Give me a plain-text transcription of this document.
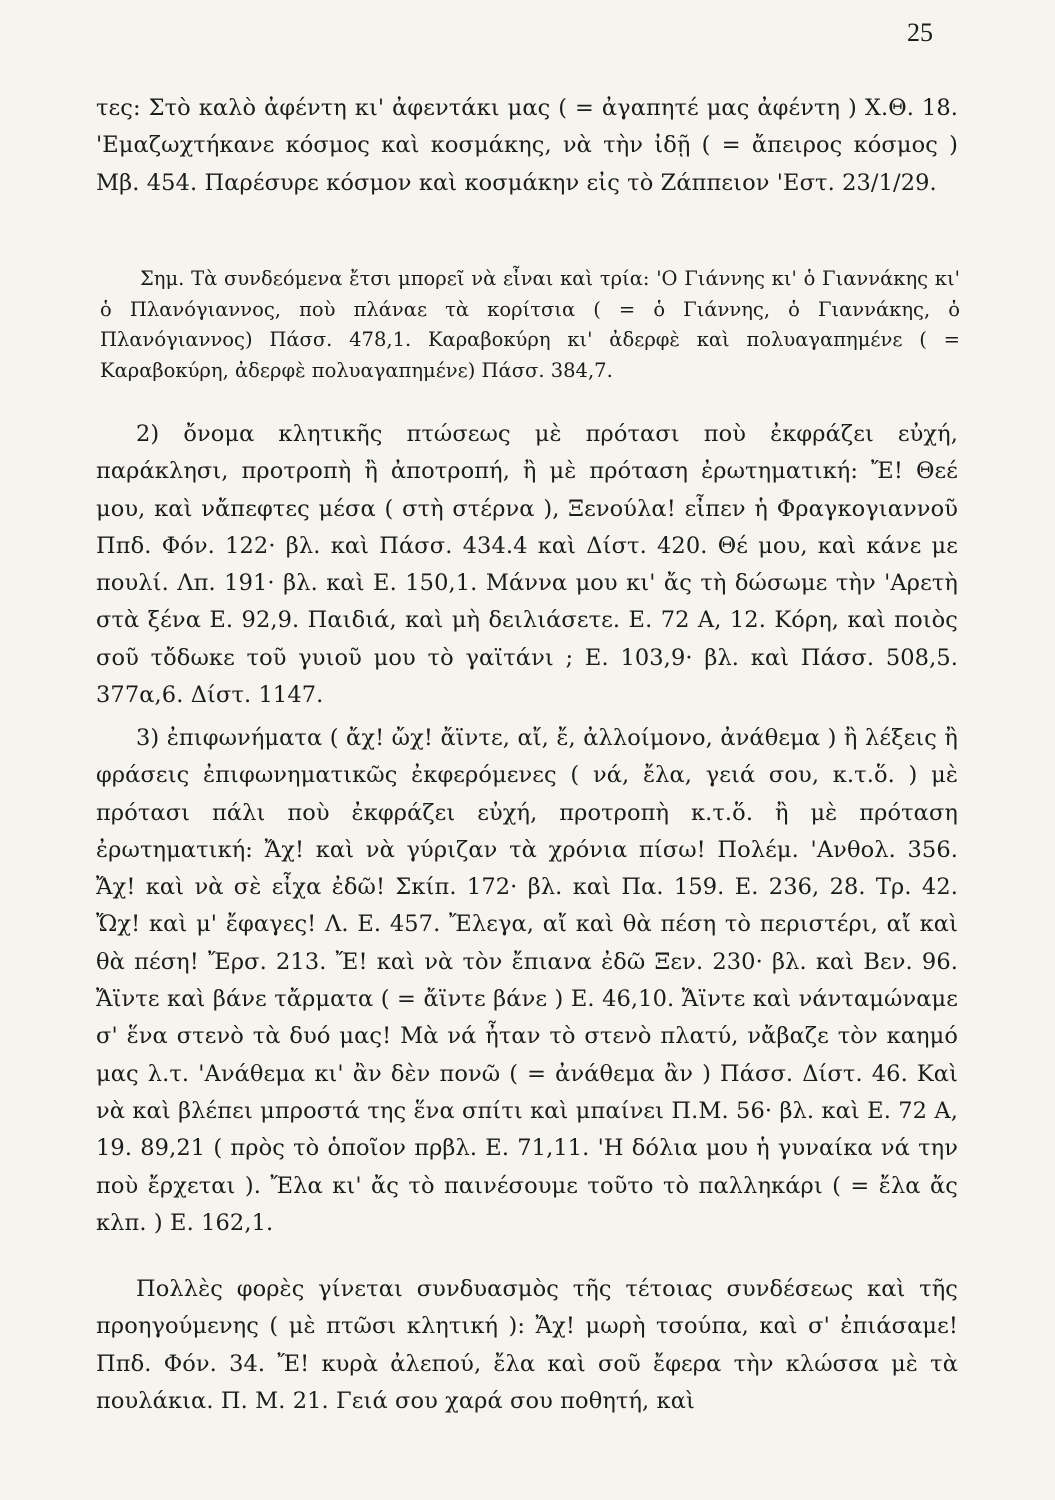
25
τες: Στὸ καλὸ ἀφέντη κι' ἀφεντάκι μας ( = ἀγαπητέ μας ἀφέντη ) Χ.Θ. 18. 'Εμαζωχτήκανε κόσμος καὶ κοσμάκης, νὰ τὴν ἰδῇ ( = ἄπειρος κόσμος ) Μβ. 454. Παρέσυρε κόσμον καὶ κοσμάκην εἰς τὸ Ζάππειον 'Εστ. 23/1/29.
Σημ. Τὰ συνδεόμενα ἔτσι μπορεῖ νὰ εἶναι καὶ τρία: 'Ο Γιάννης κι' ὁ Γιαννάκης κι' ὁ Πλανόγιαννος, ποὺ πλάναε τὰ κορίτσια ( = ὁ Γιάννης, ὁ Γιαννάκης, ὁ Πλανόγιαννος) Πάσσ. 478,1. Καραβοκύρη κι' ἀδερφὲ καὶ πολυαγαπημένε ( = Καραβοκύρη, ἀδερφὲ πολυαγαπημένε) Πάσσ. 384,7.
2) ὄνομα κλητικῆς πτώσεως μὲ πρότασι ποὺ ἐκφράζει εὐχή, παράκλησι, προτροπὴ ἢ ἀποτροπή, ἢ μὲ πρόταση ἐρωτηματική: Ἔ! Θεέ μου, καὶ νἄπεφτες μέσα ( στὴ στέρνα ), Ξενούλα! εἶπεν ἡ Φραγκογιαννοῦ Ππδ. Φόν. 122· βλ. καὶ Πάσσ. 434.4 καὶ Δίστ. 420. Θέ μου, καὶ κάνε με πουλί. Λπ. 191· βλ. καὶ Ε. 150,1. Μάννα μου κι' ἄς τὴ δώσωμε τὴν 'Αρετὴ στὰ ξένα Ε. 92,9. Παιδιά, καὶ μὴ δειλιάσετε. Ε. 72 Α, 12. Κόρη, καὶ ποιὸς σοῦ τὄδωκε τοῦ γυιοῦ μου τὸ γαϊτάνι ; Ε. 103,9· βλ. καὶ Πάσσ. 508,5. 377α,6. Δίστ. 1147.
3) ἐπιφωνήματα ( ἄχ! ὤχ! ἄϊντε, αἴ, ἔ, ἀλλοίμονο, ἀνάθεμα ) ἢ λέξεις ἢ φράσεις ἐπιφωνηματικῶς ἐκφερόμενες ( νά, ἔλα, γειά σου, κ.τ.ὅ. ) μὲ πρότασι πάλι ποὺ ἐκφράζει εὐχή, προτροπὴ κ.τ.ὅ. ἢ μὲ πρόταση ἐρωτηματική: Ἄχ! καὶ νὰ γύριζαν τὰ χρόνια πίσω! Πολέμ. 'Ανθολ. 356. Ἄχ! καὶ νὰ σὲ εἶχα ἐδῶ! Σκίπ. 172· βλ. καὶ Πα. 159. Ε. 236, 28. Τρ. 42. Ὤχ! καὶ μ' ἔφαγες! Λ. Ε. 457. Ἔλεγα, αἴ καὶ θὰ πέση τὸ περιστέρι, αἴ καὶ θὰ πέση! Ἔρσ. 213. Ἔ! καὶ νὰ τὸν ἔπιανα ἐδῶ Ξεν. 230· βλ. καὶ Βεν. 96. Ἄϊντε καὶ βάνε τἄρματα ( = ἄϊντε βάνε ) Ε. 46,10. Ἄϊντε καὶ νάνταμώναμε σ' ἕνα στενὸ τὰ δυό μας! Μὰ νά ἦταν τὸ στενὸ πλατύ, νἄβαζε τὸν καημό μας λ.τ. 'Ανάθεμα κι' ἂν δὲν πονῶ ( = ἀνάθεμα ἂν ) Πάσσ. Δίστ. 46. Καὶ νὰ καὶ βλέπει μπροστά της ἕνα σπίτι καὶ μπαίνει Π.Μ. 56· βλ. καὶ Ε. 72 Α, 19. 89,21 ( πρὸς τὸ ὁποῖον πρβλ. Ε. 71,11. 'Η δόλια μου ἡ γυναίκα νά την ποὺ ἔρχεται ). Ἔλα κι' ἄς τὸ παινέσουμε τοῦτο τὸ παλληκάρι ( = ἔλα ἄς κλπ. ) Ε. 162,1.
Πολλὲς φορὲς γίνεται συνδυασμὸς τῆς τέτοιας συνδέσεως καὶ τῆς προηγούμενης ( μὲ πτῶσι κλητική ): Ἄχ! μωρὴ τσούπα, καὶ σ' ἐπιάσαμε! Ππδ. Φόν. 34. Ἔ! κυρὰ ἀλεπού, ἔλα καὶ σοῦ ἔφερα τὴν κλώσσα μὲ τὰ πουλάκια. Π. Μ. 21. Γειά σου χαρά σου ποθητή, καὶ
